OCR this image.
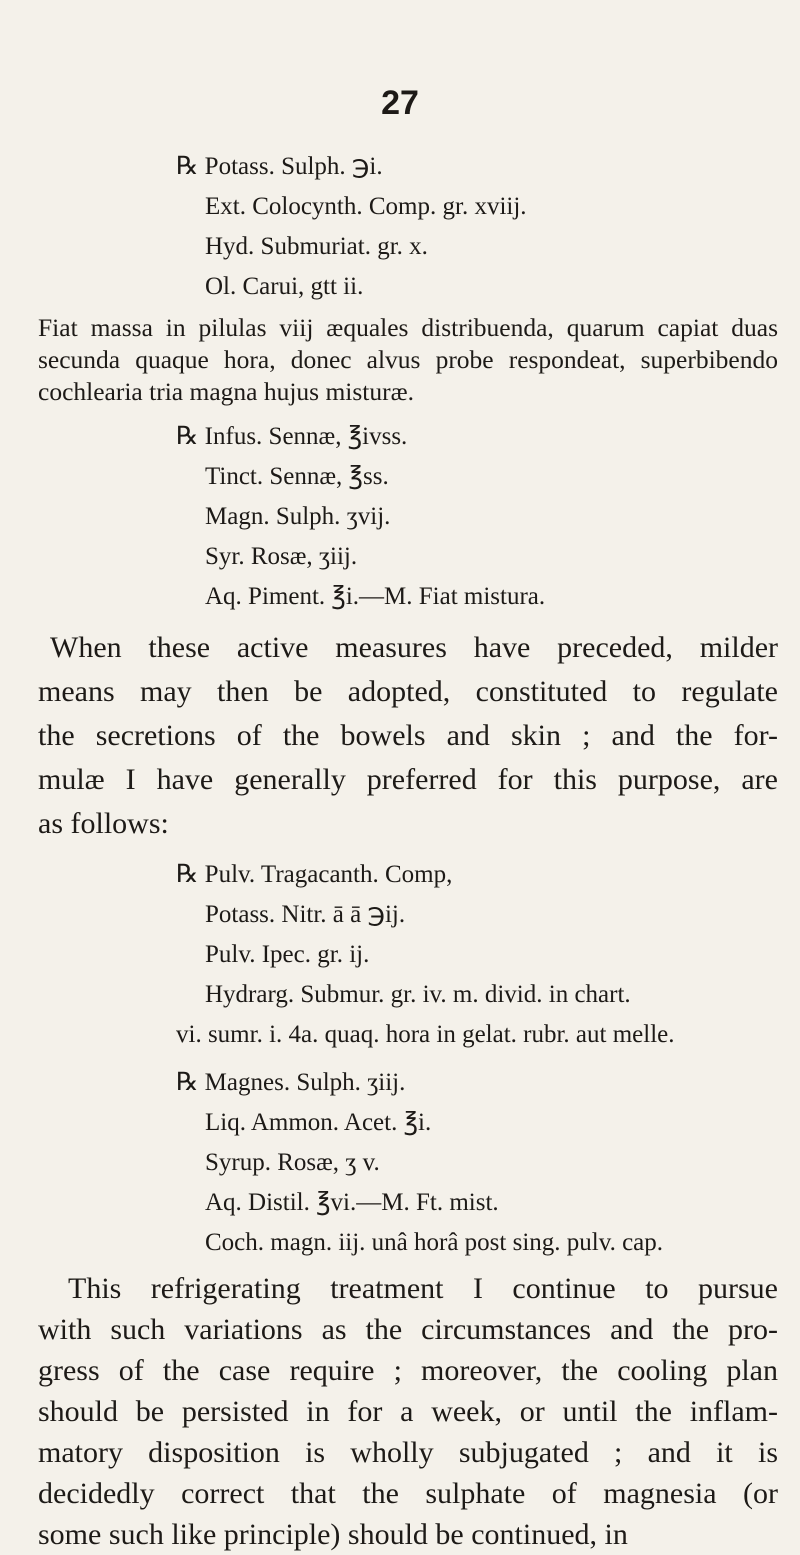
27
℞ Potass. Sulph. ℈i.
Ext. Colocynth. Comp. gr. xviij.
Hyd. Submuriat. gr. x.
Ol. Carui, gtt ii.
Fiat massa in pilulas viij æquales distribuenda, quarum capiat duas
secunda quaque hora, donec alvus probe respondeat, superbibendo
cochlearia tria magna hujus misturæ.
℞ Infus. Sennæ, ℥ivss.
Tinct. Sennæ, ℥ss.
Magn. Sulph. ʒvij.
Syr. Rosæ, ʒiij.
Aq. Piment. ℥i.—M. Fiat mistura.
When these active measures have preceded, milder
means may then be adopted, constituted to regulate
the secretions of the bowels and skin ; and the for-
mulæ I have generally preferred for this purpose, are
as follows:
℞ Pulv. Tragacanth. Comp,
Potass. Nitr. ā ā ℈ij.
Pulv. Ipec. gr. ij.
Hydrarg. Submur. gr. iv. m. divid. in chart.
vi. sumr. i. 4a. quaq. hora in gelat. rubr. aut melle.
℞ Magnes. Sulph. ʒiij.
Liq. Ammon. Acet. ℥i.
Syrup. Rosæ, ʒ v.
Aq. Distil. ℥vi.—M. Ft. mist.
Coch. magn. iij. unâ horâ post sing. pulv. cap.
This refrigerating treatment I continue to pursue
with such variations as the circumstances and the pro-
gress of the case require ; moreover, the cooling plan
should be persisted in for a week, or until the inflam-
matory disposition is wholly subjugated ; and it is
decidedly correct that the sulphate of magnesia (or
some such like principle) should be continued, in
